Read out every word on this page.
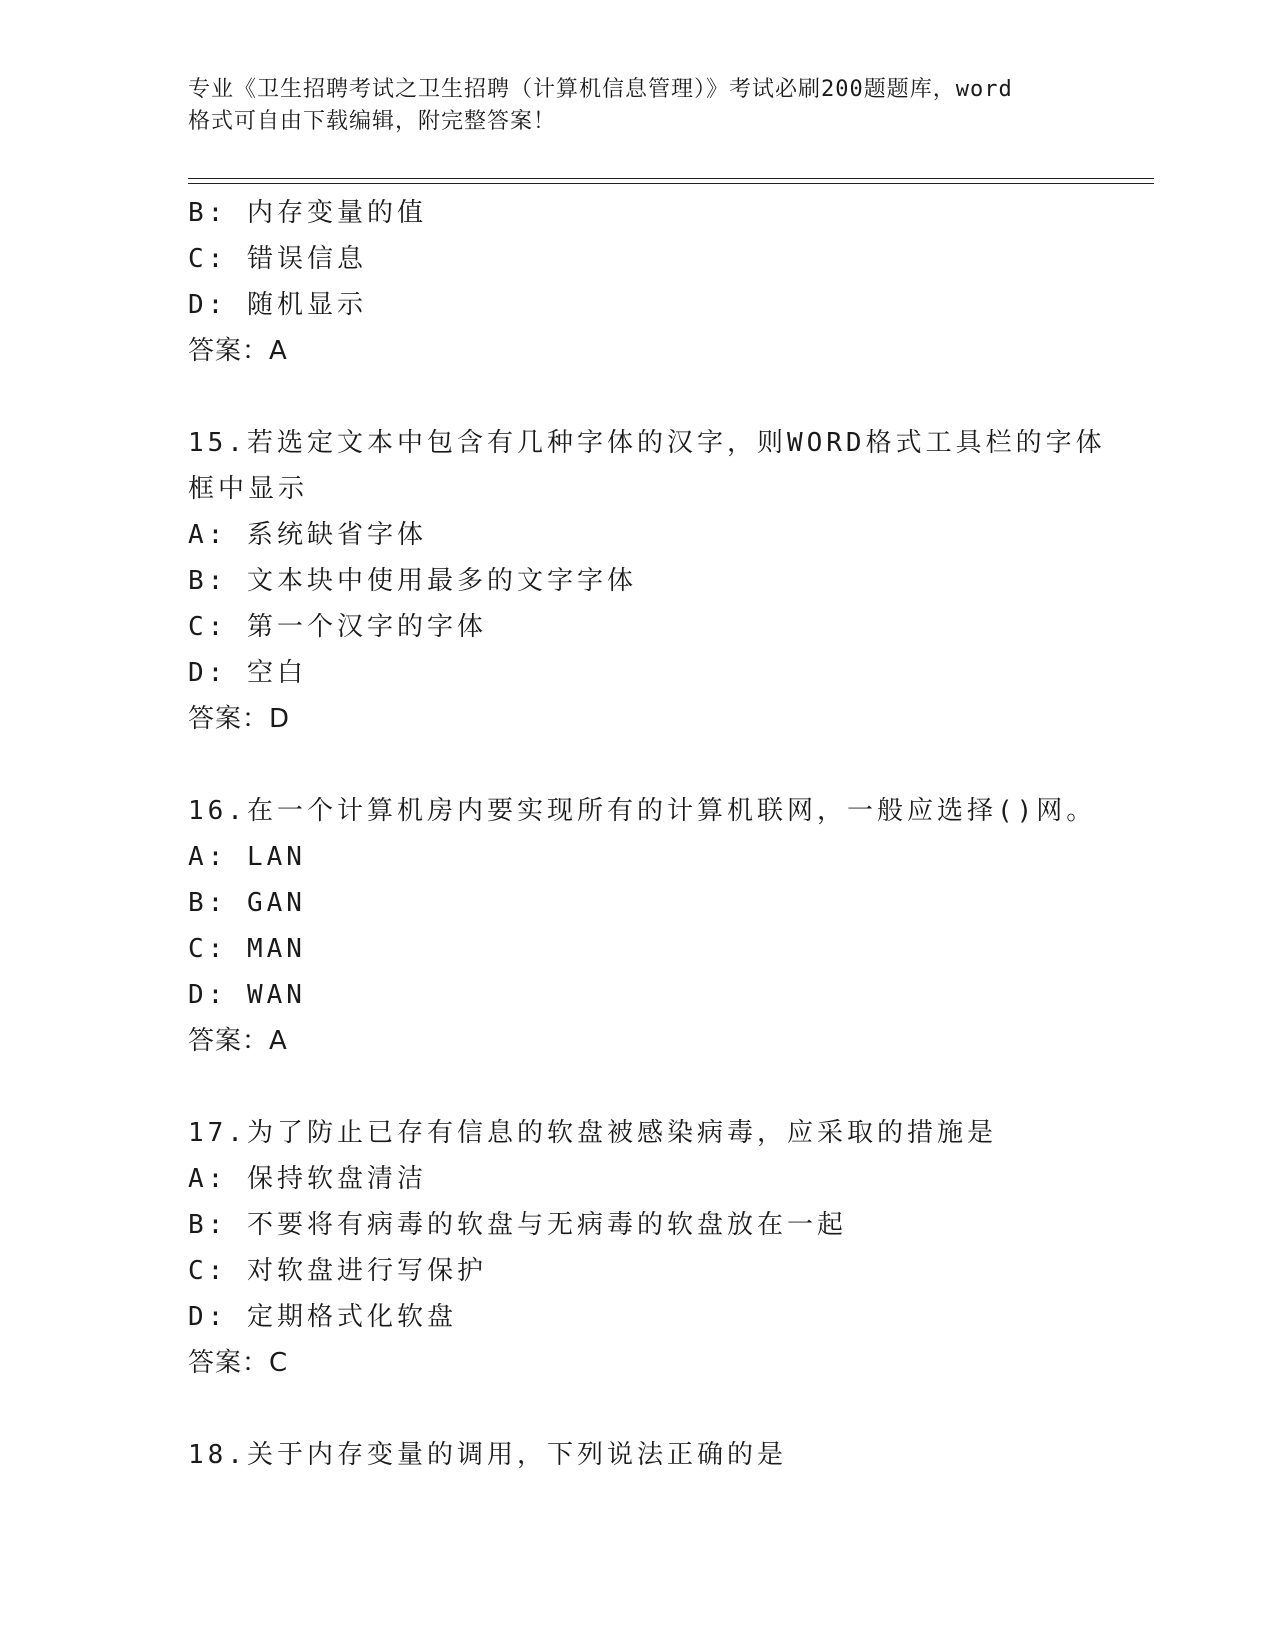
专业《卫生招聘考试之卫生招聘（计算机信息管理）》考试必刷200题题库，word
格式可自由下载编辑，附完整答案！
B: 内存变量的值
C: 错误信息
D: 随机显示
答案：A
15.若选定文本中包含有几种字体的汉字，则WORD格式工具栏的字体
框中显示
A: 系统缺省字体
B: 文本块中使用最多的文字字体
C: 第一个汉字的字体
D: 空白
答案：D
16.在一个计算机房内要实现所有的计算机联网，一般应选择()网。
A: LAN
B: GAN
C: MAN
D: WAN
答案：A
17.为了防止已存有信息的软盘被感染病毒，应采取的措施是
A: 保持软盘清洁
B: 不要将有病毒的软盘与无病毒的软盘放在一起
C: 对软盘进行写保护
D: 定期格式化软盘
答案：C
18.关于内存变量的调用，下列说法正确的是
